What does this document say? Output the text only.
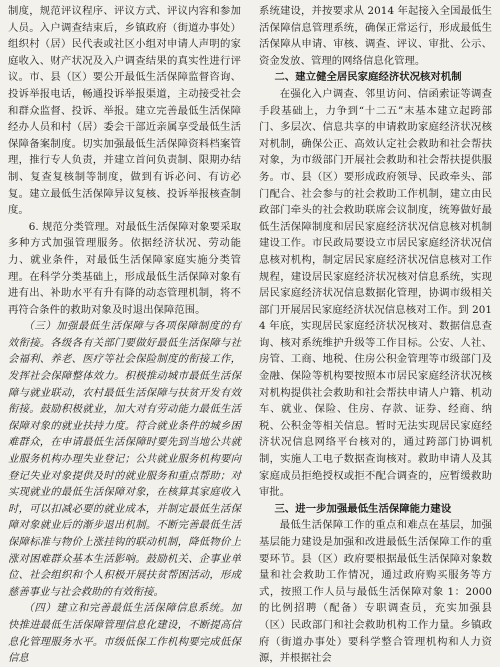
制度，规范评议程序、评议方式、评议内容和参加人员。入户调查结束后，乡镇政府（街道办事处）组织村（居）民代表或社区小组对申请人声明的家庭收入、财产状况及入户调查结果的真实性进行评议。市、县（区）要公开最低生活保障监督咨询、投诉举报电话，畅通投诉举报渠道，主动接受社会和群众监督、投诉、举报。建立完善最低生活保障经办人员和村（居）委会干部近亲属享受最低生活保障备案制度。切实加强最低生活保障资料档案管理，推行专人负责，并建立首问负责制、限期办结制、复查复核制等制度，做到有诉必问、有访必复。建立最低生活保障异议复核、投诉举报核查制度。

6. 规范分类管理。对最低生活保障对象要采取多种方式加强管理服务。依据经济状况、劳动能力、就业条件，对最低生活保障家庭实施分类管理。在科学分类基础上，形成最低生活保障对象有进有出、补助水平有升有降的动态管理机制，将不再符合条件的救助对象及时退出保障范围。

（三）加强最低生活保障与各项保障制度的有效衔接。各级各有关部门要做好最低生活保障与社会福利、养老、医疗等社会保险制度的衔接工作，发挥社会保障整体效力。积极推动城市最低生活保障与就业联动，农村最低生活保障与扶贫开发有效衔接。鼓励积极就业，加大对有劳动能力最低生活保障对象的就业扶持力度。符合就业条件的城乡困难群众，在申请最低生活保障时要先到当地公共就业服务机构办理失业登记；公共就业服务机构要向登记失业对象提供及时的就业服务和重点帮助；对实现就业的最低生活保障对象，在核算其家庭收入时，可以扣减必要的就业成本，并制定最低生活保障对象就业后的渐步退出机制。不断完善最低生活保障标准与物价上涨挂钩的联动机制，降低物价上涨对困难群众基本生活影响。鼓励机关、企事业单位、社会组织和个人积极开展扶贫帮困活动，形成慈善事业与社会救助的有效衔接。

（四）建立和完善最低生活保障信息系统。加快推进最低生活保障管理信息化建设，不断提高信息化管理服务水平。市级低保工作机构要完成低保信息

系统建设，并按要求从 2014 年起接入全国最低生活保障信息管理系统，确保正常运行，形成最低生活保障从申请、审核、调查、评议、审批、公示、资金发放、管理的网络信息化管理。

二、建立健全居民家庭经济状况核对机制

在强化入户调查、邻里访问、信函索证等调查手段基础上，力争到“十二五”末基本建立起跨部门、多层次、信息共享的申请救助家庭经济状况核对机制，确保公正、高效认定社会救助和社会帮扶对象，为市级部门开展社会救助和社会帮扶提供服务。市、县（区）要形成政府领导、民政牵头、部门配合、社会参与的社会救助工作机制，建立由民政部门牵头的社会救助联席会议制度，统筹做好最低生活保障制度和居民家庭经济状况信息核对机制建设工作。市民政局要设立市居民家庭经济状况信息核对机构，制定居民家庭经济状况信息核对工作规程，建设居民家庭经济状况核对信息系统，实现居民家庭经济状况信息数据化管理，协调市级相关部门开展居民家庭经济状况信息核对工作。到 2014 年底，实现居民家庭经济状况核对、数据信息查询、核对系统维护升级等工作目标。公安、人社、房管、工商、地税、住房公积金管理等市级部门及金融、保险等机构要按照本市居民家庭经济状况核对机构提供社会救助和社会帮扶申请人户籍、机动车、就业、保险、住房、存款、证券、经商、纳税、公积金等相关信息。暂时无法实现居民家庭经济状况信息网络平台核对的，通过跨部门协调机制，实施人工电子数据查询核对。救助申请人及其家庭成员拒绝授权或拒不配合调查的，应暂缓救助审批。

三、进一步加强最低生活保障能力建设

最低生活保障工作的重点和难点在基层，加强基层能力建设是加强和改进最低生活保障工作的重要环节。县（区）政府要根据最低生活保障对象数量和社会救助工作情况，通过政府购买服务等方式，按照工作人员与最低生活保障对象 1：2000 的比例招聘（配备）专职调查员，充实加强县（区）民政部门和社会救助机构工作力量。乡镇政府（街道办事处）要科学整合管理机构和人力资源，并根据社会
